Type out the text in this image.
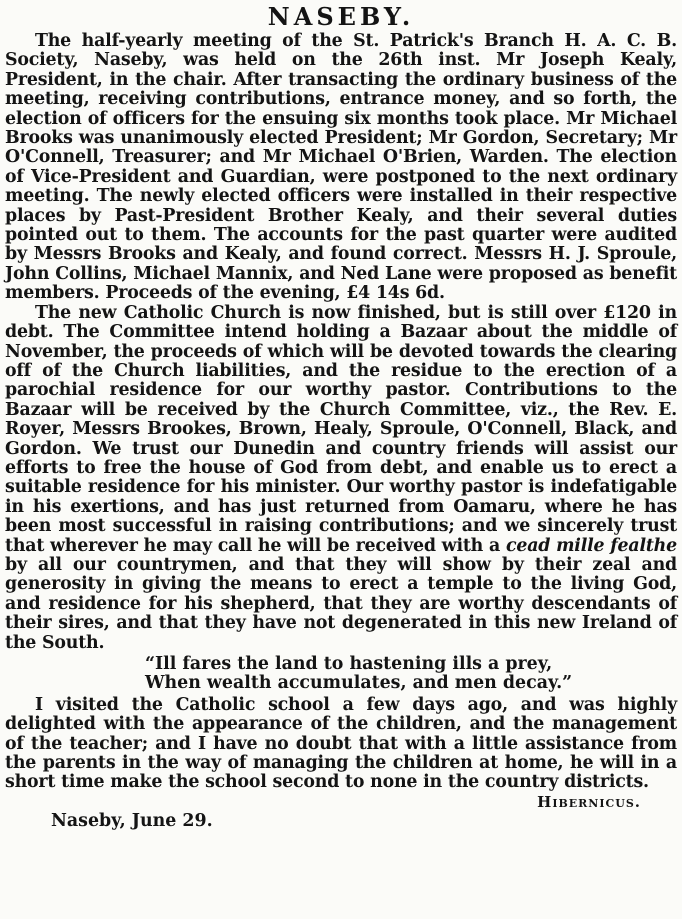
NASEBY.

The half-yearly meeting of the St. Patrick's Branch H. A. C. B. Society, Naseby, was held on the 26th inst. Mr Joseph Kealy, President, in the chair. After transacting the ordinary business of the meeting, receiving contributions, entrance money, and so forth, the election of officers for the ensuing six months took place. Mr Michael Brooks was unanimously elected President; Mr Gordon, Secretary; Mr O'Connell, Treasurer; and Mr Michael O'Brien, Warden. The election of Vice-President and Guardian, were postponed to the next ordinary meeting. The newly elected officers were installed in their respective places by Past-President Brother Kealy, and their several duties pointed out to them. The accounts for the past quarter were audited by Messrs Brooks and Kealy, and found correct. Messrs H. J. Sproule, John Collins, Michael Mannix, and Ned Lane were proposed as benefit members. Proceeds of the evening, £4 14s 6d.

The new Catholic Church is now finished, but is still over £120 in debt. The Committee intend holding a Bazaar about the middle of November, the proceeds of which will be devoted towards the clearing off of the Church liabilities, and the residue to the erection of a parochial residence for our worthy pastor. Contributions to the Bazaar will be received by the Church Committee, viz., the Rev. E. Royer, Messrs Brookes, Brown, Healy, Sproule, O'Connell, Black, and Gordon. We trust our Dunedin and country friends will assist our efforts to free the house of God from debt, and enable us to erect a suitable residence for his minister. Our worthy pastor is indefatigable in his exertions, and has just returned from Oamaru, where he has been most successful in raising contributions; and we sincerely trust that wherever he may call he will be received with a cead mille fealthe by all our countrymen, and that they will show by their zeal and generosity in giving the means to erect a temple to the living God, and residence for his shepherd, that they are worthy descendants of their sires, and that they have not degenerated in this new Ireland of the South.

“Ill fares the land to hastening ills a prey,
When wealth accumulates, and men decay.”

I visited the Catholic school a few days ago, and was highly delighted with the appearance of the children, and the management of the teacher; and I have no doubt that with a little assistance from the parents in the way of managing the children at home, he will in a short time make the school second to none in the country districts.

Hibernicus.
Naseby, June 29.
